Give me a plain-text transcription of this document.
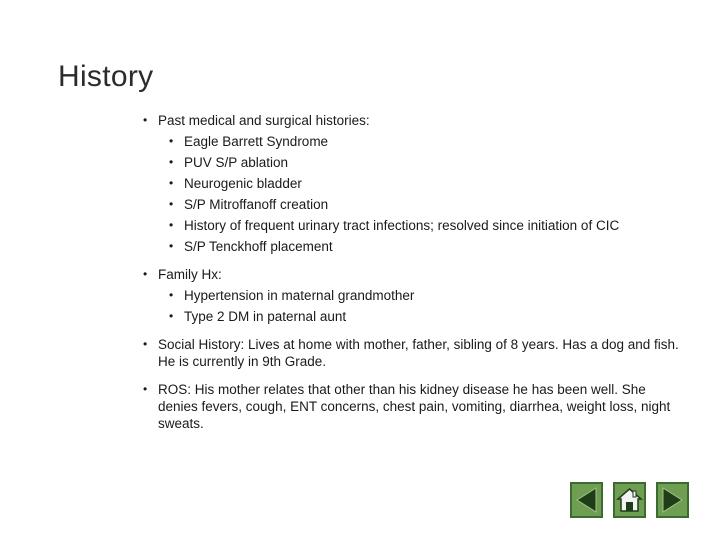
History
• Past medical and surgical histories:
• Eagle Barrett Syndrome
• PUV S/P ablation
• Neurogenic bladder
• S/P Mitroffanoff creation
• History of frequent urinary tract infections; resolved since initiation of CIC
• S/P Tenckhoff placement
• Family Hx:
• Hypertension in maternal grandmother
• Type 2 DM in paternal aunt
• Social History: Lives at home with mother, father, sibling of 8 years. Has a dog and fish. He is currently in 9th Grade.
• ROS: His mother relates that other than his kidney disease he has been well. She denies fevers, cough, ENT concerns, chest pain, vomiting, diarrhea, weight loss, night sweats.
